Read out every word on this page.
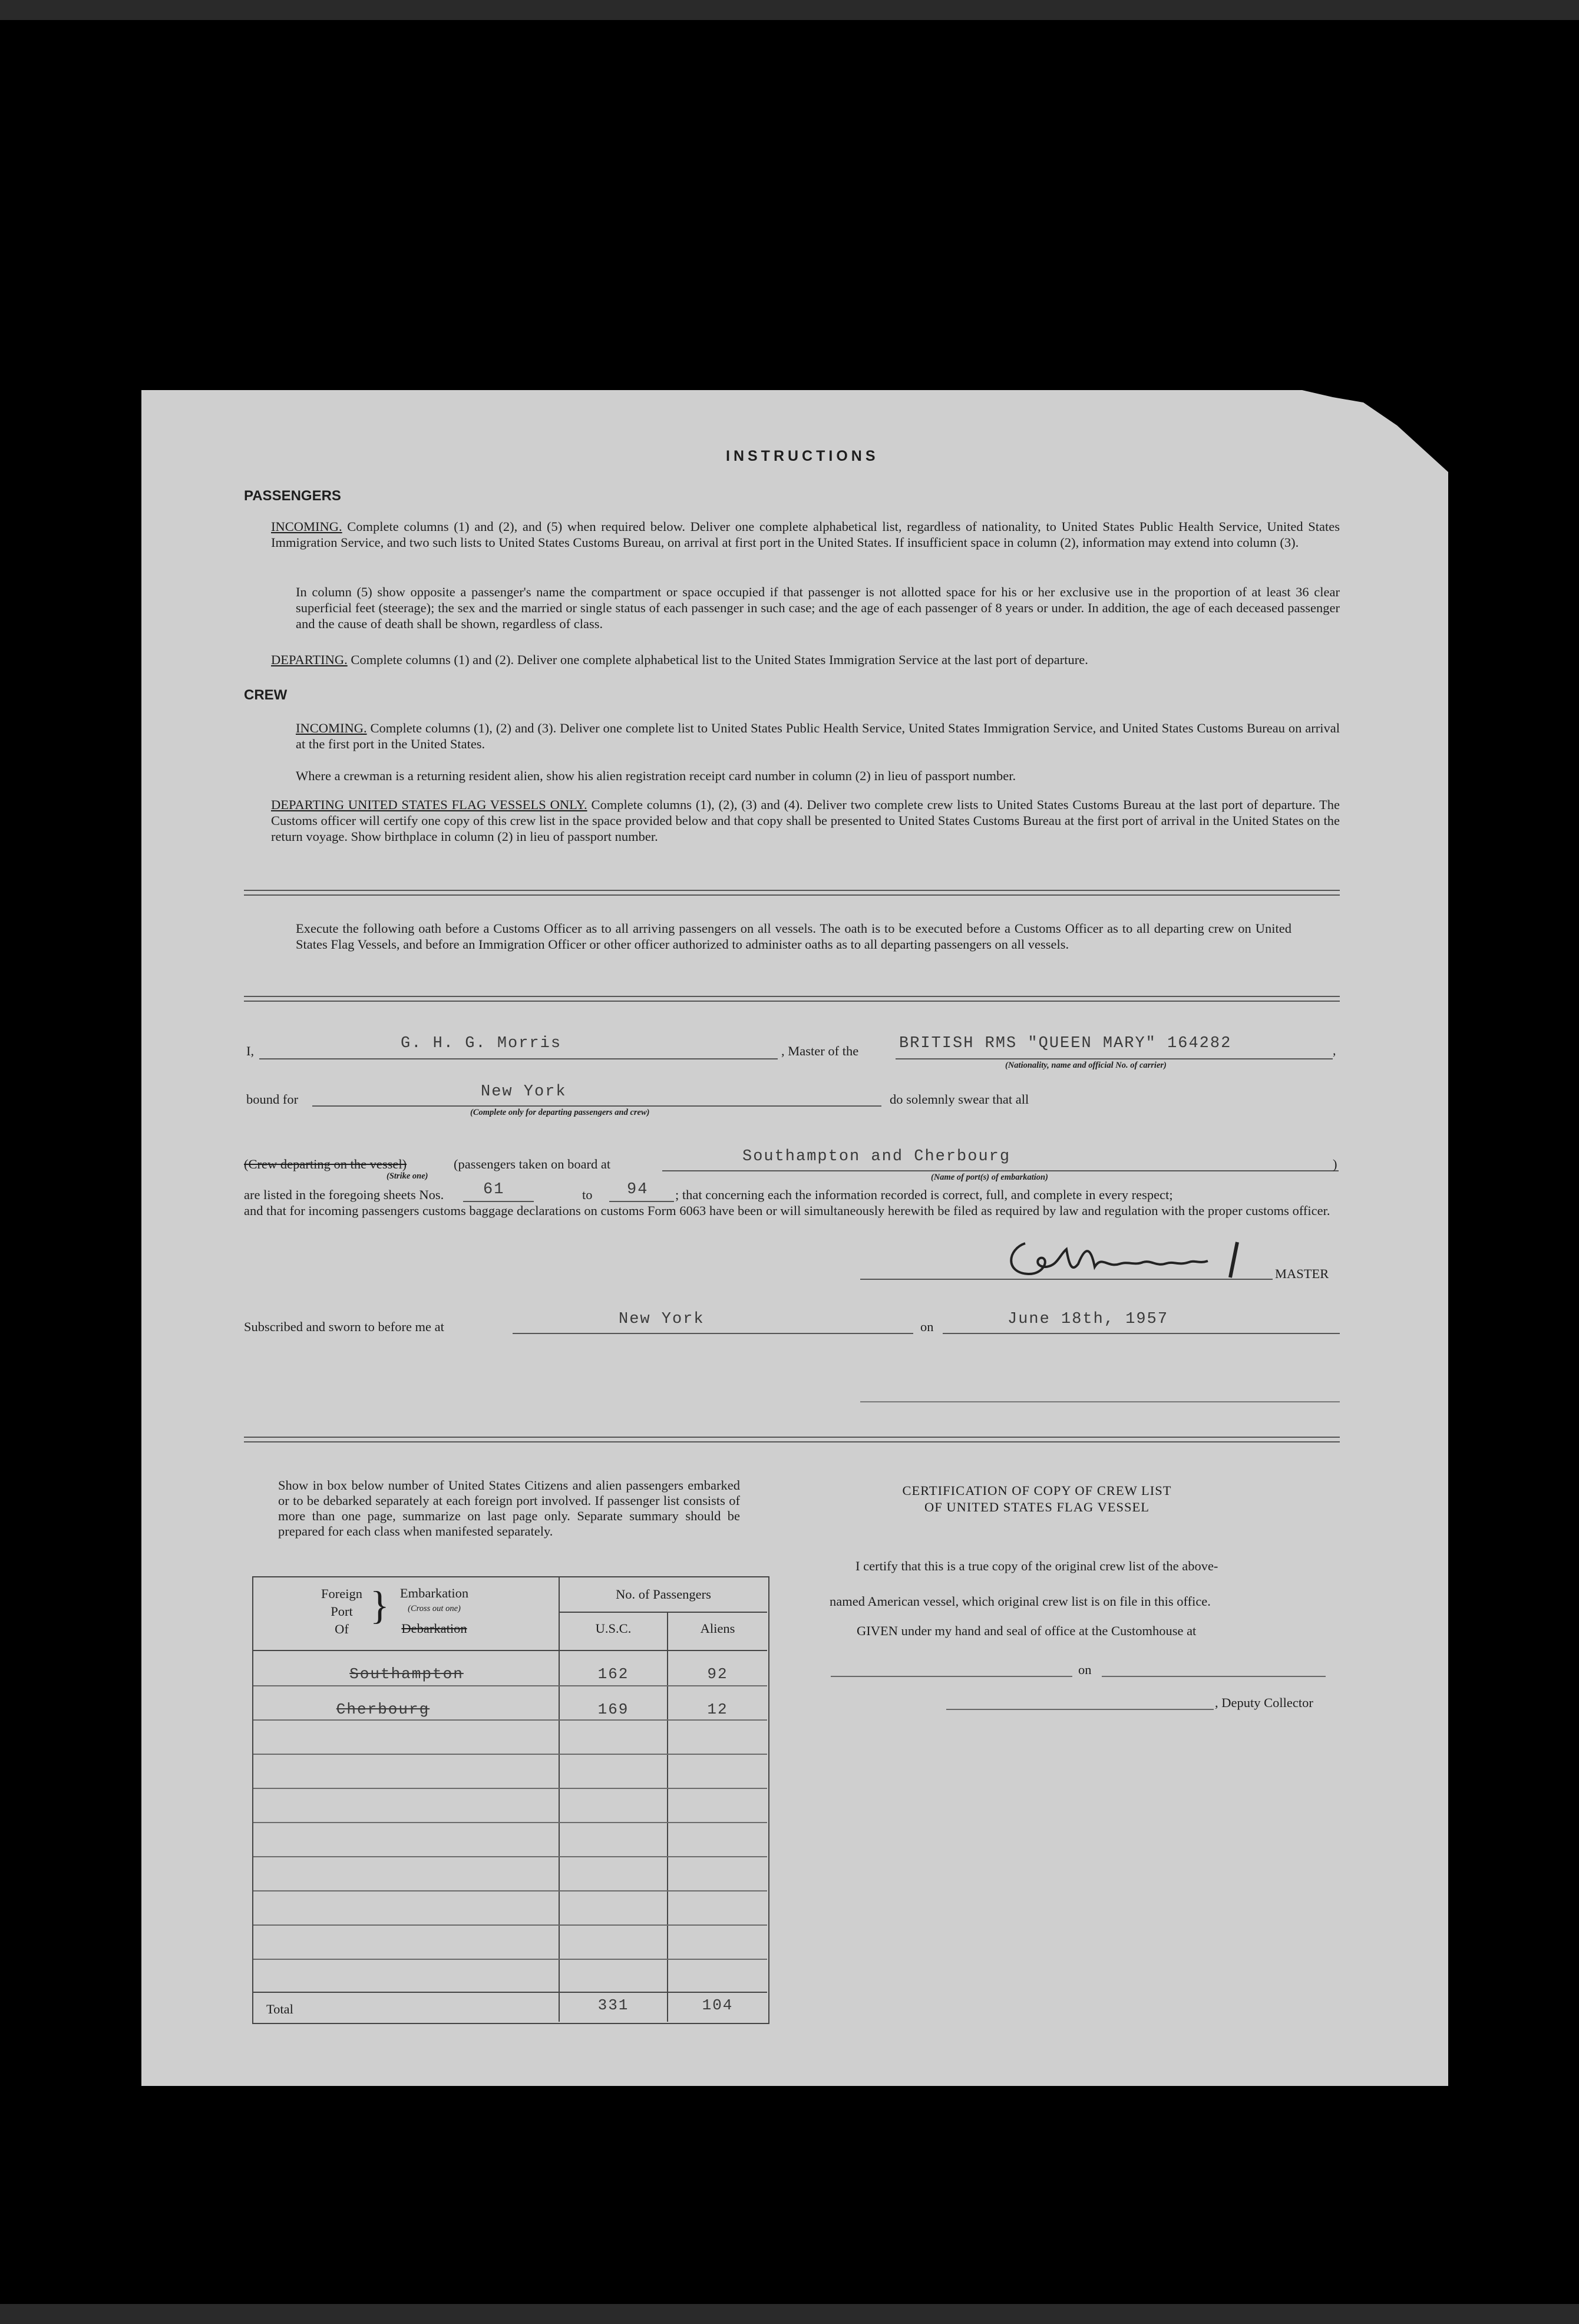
INSTRUCTIONS
PASSENGERS
INCOMING. Complete columns (1) and (2), and (5) when required below. Deliver one complete alphabetical list, regardless of nationality, to United States Public Health Service, United States Immigration Service, and two such lists to United States Customs Bureau, on arrival at first port in the United States. If insufficient space in column (2), information may extend into column (3).
In column (5) show opposite a passenger's name the compartment or space occupied if that passenger is not allotted space for his or her exclusive use in the proportion of at least 36 clear superficial feet (steerage); the sex and the married or single status of each passenger in such case; and the age of each passenger of 8 years or under. In addition, the age of each deceased passenger and the cause of death shall be shown, regardless of class.
DEPARTING. Complete columns (1) and (2). Deliver one complete alphabetical list to the United States Immigration Service at the last port of departure.
CREW
INCOMING. Complete columns (1), (2) and (3). Deliver one complete list to United States Public Health Service, United States Immigration Service, and United States Customs Bureau on arrival at the first port in the United States.
Where a crewman is a returning resident alien, show his alien registration receipt card number in column (2) in lieu of passport number.
DEPARTING UNITED STATES FLAG VESSELS ONLY. Complete columns (1), (2), (3) and (4). Deliver two complete crew lists to United States Customs Bureau at the last port of departure. The Customs officer will certify one copy of this crew list in the space provided below and that copy shall be presented to United States Customs Bureau at the first port of arrival in the United States on the return voyage. Show birthplace in column (2) in lieu of passport number.
Execute the following oath before a Customs Officer as to all arriving passengers on all vessels. The oath is to be executed before a Customs Officer as to all departing crew on United States Flag Vessels, and before an Immigration Officer or other officer authorized to administer oaths as to all departing passengers on all vessels.
I,	G. H. G. Morris	, Master of the	BRITISH RMS "QUEEN MARY" 164282	,
(Nationality, name and official No. of carrier)
bound for	New York
(Complete only for departing passengers and crew)
do solemnly swear that all
(Crew departing on the vessel)	(passengers taken on board at
(Strike one)
Southampton and Cherbourg
(Name of port(s) of embarkation)
)
are listed in the foregoing sheets Nos. 61	to 94 ; that concerning each the information recorded is correct, full, and complete in every respect;
and that for incoming passengers customs baggage declarations on customs Form 6063 have been or will simultaneously herewith be filed as required by law and regulation with the proper customs officer.
MASTER
Subscribed and sworn to before me at	New York	on	June 18th, 1957
Show in box below number of United States Citizens and alien passengers embarked or to be debarked separately at each foreign port involved. If passenger list consists of more than one page, summarize on last page only. Separate summary should be prepared for each class when manifested separately.
Foreign
Port
Of
} Embarkation
(Cross out one)
Debarkation
No. of Passengers
U.S.C.	Aliens
Southampton	162	92
Cherbourg	169	12
Total	331	104
CERTIFICATION OF COPY OF CREW LIST
OF UNITED STATES FLAG VESSEL
I certify that this is a true copy of the original crew list of the above-
named American vessel, which original crew list is on file in this office.
GIVEN under my hand and seal of office at the Customhouse at
on
, Deputy Collector
